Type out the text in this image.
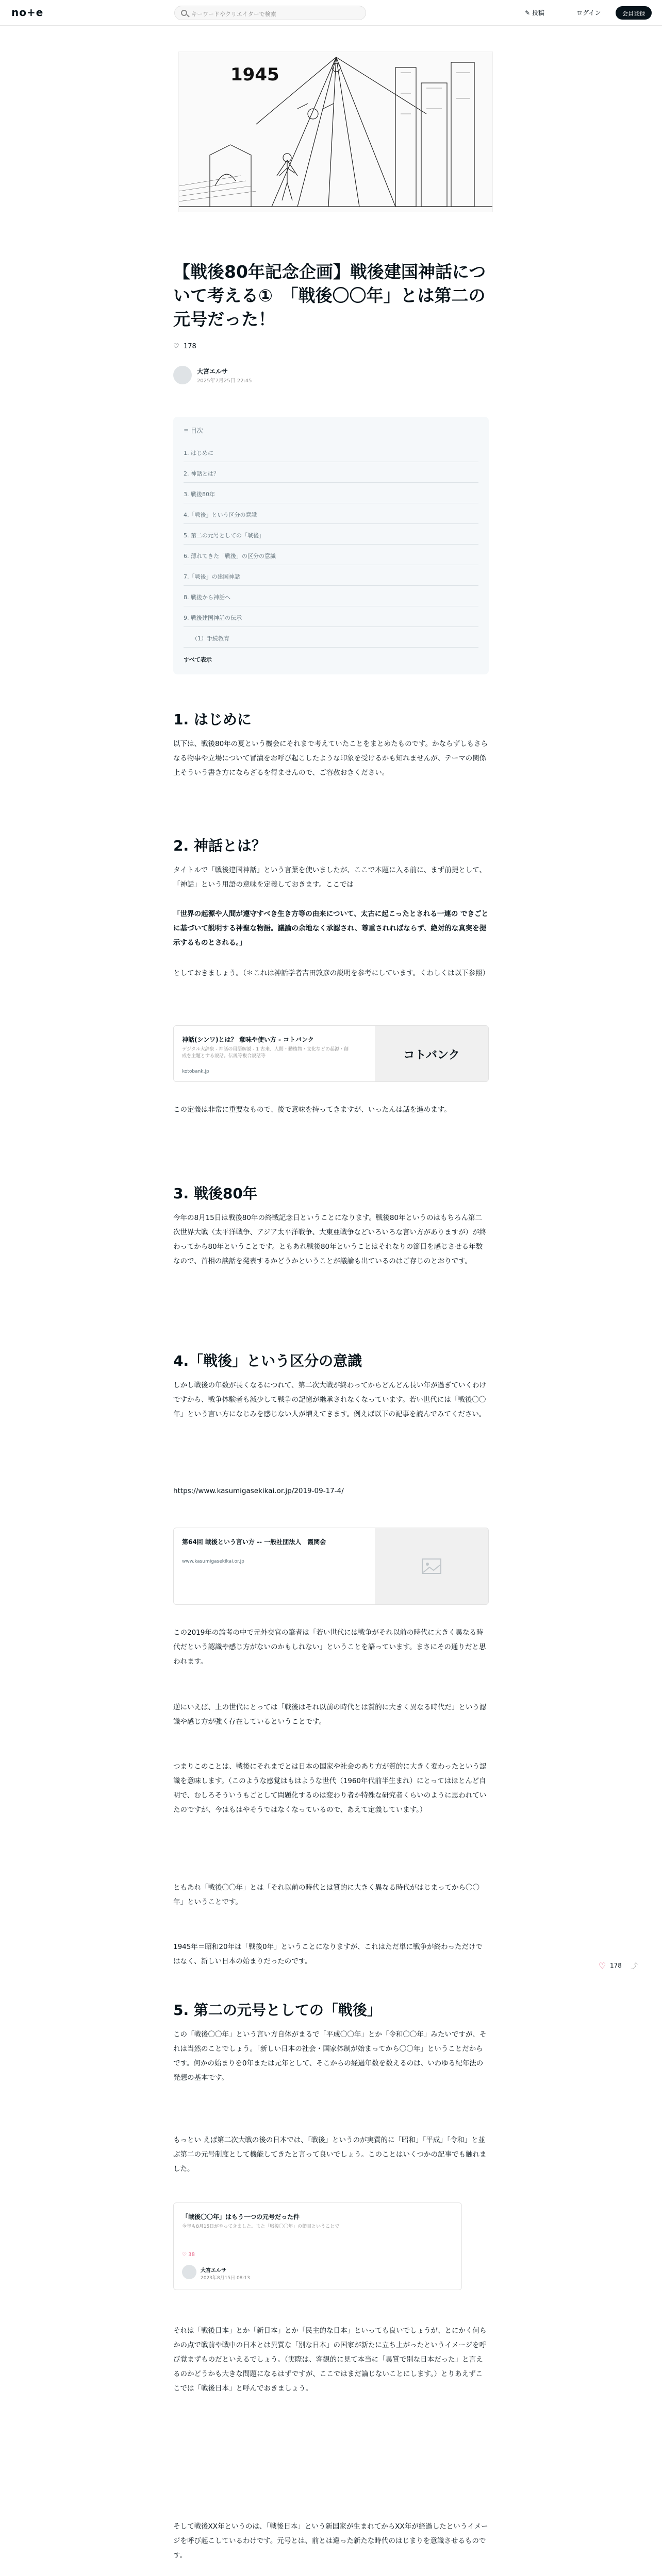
no+e	キーワードやクリエイターで検索	✎ 投稿	ログイン	会員登録
1945
【戦後80年記念企画】戦後建国神話について考える①　「戦後〇〇年」とは第二の元号だった！
♡ 178
大宮エルサ
2025年7月25日 22:45
≡ 目次
1. はじめに
2. 神話とは？
3. 戦後80年
4.「戦後」という区分の意識
5. 第二の元号としての「戦後」
6. 薄れてきた「戦後」の区分の意識
7.「戦後」の建国神話
8. 戦後から神話へ
9. 戦後建国神話の伝承
（1）手続教育
すべて表示
1. はじめに

以下は、戦後80年の夏という機会にそれまで考えていたことをまとめたものです。かならずしもさらなる物事や立場について冒瀆をお呼び起こしたような印象を受けるかも知れませんが、テーマの関係上そういう書き方にならざるを得ませんので、ご容赦おきください。

2. 神話とは？

タイトルで「戦後建国神話」という言葉を使いましたが、ここで本題に入る前に、まず前提として、「神話」という用語の意味を定義しておきます。ここでは

「世界の起源や人間が遵守すべき生き方等の由来について、太古に起こったとされる一連の できごとに基づいて説明する神聖な物語。議論の余地なく承認され、尊重されればならず、絶対的な真実を提示するものとされる。」

としておきましょう。（＊これは神話学者吉田敦彦の説明を参考にしています。くわしくは以下参照）

神話(シンワ)とは？ 意味や使い方 - コトバンク
デジタル大辞泉 - 神話の用語解説 - 1 古来、人間・動植物・文化などの起源・創成を主題とする説話。伝説等複合説話等
kotobank.jp
コトバンク

この定義は非常に重要なもので、後で意味を持ってきますが、いったんは話を進めます。

3. 戦後80年

今年の8月15日は戦後80年の終戦記念日ということになります。戦後80年というのはもちろん第二次世界大戦（太平洋戦争、アジア太平洋戦争、大東亜戦争などいろいろな言い方がありますが）が終わってから80年ということです。ともあれ戦後80年ということはそれなりの節目を感じさせる年数なので、首相の談話を発表するかどうかということが議論も出ているのはご存じのとおりです。

4.「戦後」という区分の意識

しかし戦後の年数が長くなるにつれて、第二次大戦が終わってからどんどん長い年が過ぎていくわけですから、戦争体験者も減少して戦争の記憶が継承されなくなっています。若い世代には「戦後〇〇年」という言い方になじみを感じない人が増えてきます。例えば以下の記事を読んでみてください。

https://www.kasumigasekikai.or.jp/2019-09-17-4/

第64回 戦後という言い方 -- 一般社団法人　霞関会
www.kasumigasekikai.or.jp

この2019年の論考の中で元外交官の筆者は「若い世代には戦争がそれ以前の時代に大きく異なる時代だという認識や感じ方がないのかもしれない」ということを語っています。まさにその通りだと思われます。

逆にいえば、上の世代にとっては「戦後はそれ以前の時代とは質的に大きく異なる時代だ」という認識や感じ方が強く存在しているということです。

つまりこのことは、戦後にそれまでとは日本の国家や社会のあり方が質的に大きく変わったという認識を意味します。（このような感覚はもはような世代（1960年代前半生まれ）にとってはほとんど自明で、むしろそういうもごとして問題化するのは変わり者か特殊な研究者くらいのように思われていたのですが、今はもはやそうではなくなっているので、あえて定義しています。）

ともあれ「戦後〇〇年」とは「それ以前の時代とは質的に大きく異なる時代がはじまってから〇〇年」ということです。

1945年＝昭和20年は「戦後0年」ということになりますが、これはただ単に戦争が終わっただけではなく、新しい日本の始まりだったのです。	♡ 178 ⤴
5. 第二の元号としての「戦後」

この「戦後〇〇年」という言い方自体がまるで「平成〇〇年」とか「令和〇〇年」みたいですが、それは当然のことでしょう。「新しい日本の社会・国家体制が始まってから〇〇年」ということだからです。何かの始まりを0年または元年として、そこからの経過年数を数えるのは、いわゆる紀年法の発想の基本です。

もっとい えば第二次大戦の後の日本では、「戦後」というのが実質的に「昭和」「平成」「令和」と並ぶ第二の元号制度として機能してきたと言って良いでしょう。このことはいくつかの記事でも触れました。

「戦後〇〇年」はもう一つの元号だった件
今年も8月15日がやってきました。また「戦後〇〇年」の節目ということで
♡ 38
大宮エルサ
2023年8月15日 08:13

それは「戦後日本」とか「新日本」とか「民主的な日本」といっても良いでしょうが、とにかく何らかの点で戦前や戦中の日本とは異質な「別な日本」の国家が新たに立ち上がったというイメージを呼び覚まずものだといえるでしょう。（実際は、客観的に見て本当に「異質で別な日本だった」と言えるのかどうかも大きな問題になるはずですが、ここではまだ論じないことにします。）とりあえずここでは「戦後日本」と呼んでおきましょう。

そして戦後XX年というのは、「戦後日本」という新国家が生まれてからXX年が経過したというイメージを呼び起こしているわけです。元号とは、前とは違った新たな時代のはじまりを意識させるものです。
